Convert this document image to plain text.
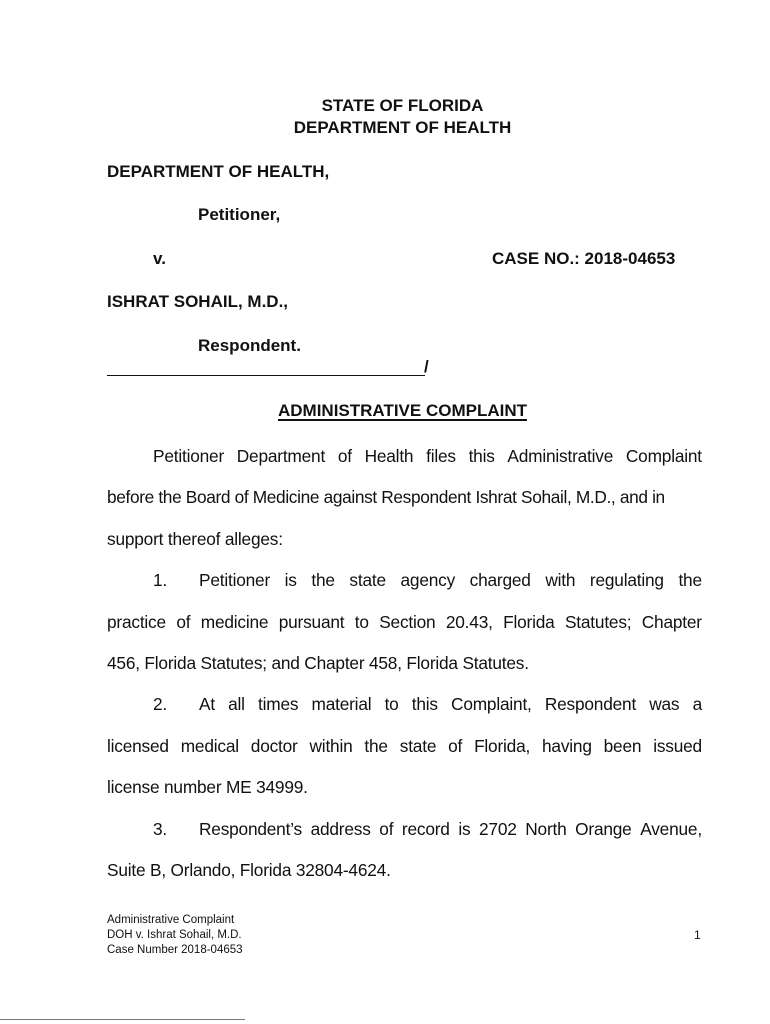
STATE OF FLORIDA
DEPARTMENT OF HEALTH
DEPARTMENT OF HEALTH,
Petitioner,
v.	CASE NO.: 2018-04653
ISHRAT SOHAIL, M.D.,
Respondent.
/
ADMINISTRATIVE COMPLAINT
Petitioner Department of Health files this Administrative Complaint
before the Board of Medicine against Respondent Ishrat Sohail, M.D., and in
support thereof alleges:
1. Petitioner is the state agency charged with regulating the
practice of medicine pursuant to Section 20.43, Florida Statutes; Chapter
456, Florida Statutes; and Chapter 458, Florida Statutes.
2. At all times material to this Complaint, Respondent was a
licensed medical doctor within the state of Florida, having been issued
license number ME 34999.
3. Respondent’s address of record is 2702 North Orange Avenue,
Suite B, Orlando, Florida 32804-4624.
Administrative Complaint
DOH v. Ishrat Sohail, M.D.
Case Number 2018-04653
1
